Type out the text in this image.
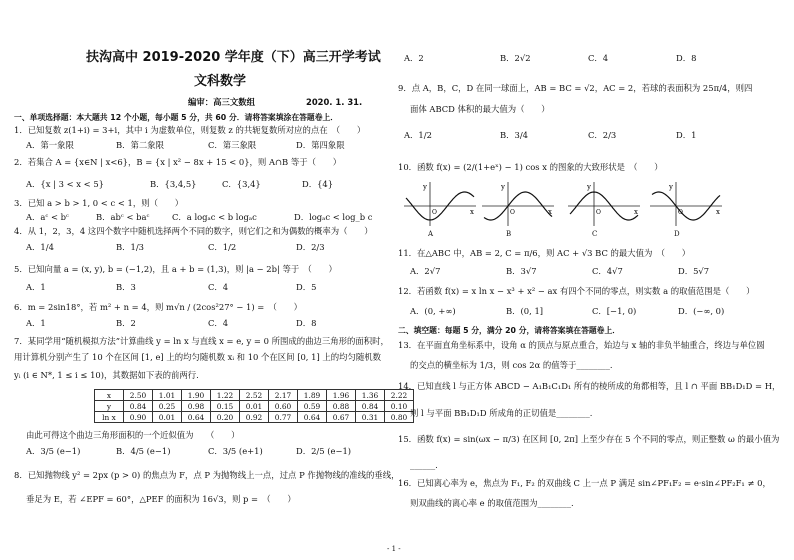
扶沟高中 2019-2020 学年度（下）高三开学考试
文科数学
编审：高三文数组	2020. 1. 31.
一、单项选择题：本大题共 12 个小题，每小题 5 分，共 60 分．请将答案填涂在答题卷上．
1．已知复数 z(1+i) = 3+i，其中 i 为虚数单位，则复数 z 的共轭复数所对应的点在　（　　）
A．第一象限	B．第二象限	C．第三象限	D．第四象限
2．若集合 A = {x∈N | x<6}，B = {x | x² − 8x + 15 < 0}，则 A∩B 等于（　　）
A．{x | 3 < x < 5}	B．{3,4,5}	C．{3,4}	D．{4}
3．已知 a > b > 1, 0 < c < 1，则（　　）
A．aᶜ < bᶜ	B．abᶜ < baᶜ	C．a logₐc < b logₐc	D．logₐc < log_b c
4．从 1，2，3，4 这四个数字中随机选择两个不同的数字，则它们之和为偶数的概率为（　　）
A．1/4	B．1/3	C．1/2	D．2/3
5．已知向量 a = (x, y), b = (−1,2)，且 a + b = (1,3)，则 |a − 2b| 等于　（　　）
A．1	B．3	C．4	D．5
6．m = 2sin18°，若 m² + n = 4，则 m√n / (2cos²27° − 1) =　（　　）
A．1	B．2	C．4	D．8
7．某同学用“随机模拟方法”计算曲线 y = ln x 与直线 x = e, y = 0 所围成的曲边三角形的面积时，
用计算机分别产生了 10 个在区间 [1, e] 上的均匀随机数 xᵢ 和 10 个在区间 [0, 1] 上的均匀随机数
yᵢ (i ∈ N*, 1 ≤ i ≤ 10)，其数据如下表的前两行.
x	2.50	1.01	1.90	1.22	2.52	2.17	1.89	1.96	1.36	2.22
y	0.84	0.25	0.98	0.15	0.01	0.60	0.59	0.88	0.84	0.10
ln x	0.90	0.01	0.64	0.20	0.92	0.77	0.64	0.67	0.31	0.80
由此可得这个曲边三角形面积的一个近似值为　　（　　）
A．3/5 (e−1)	B．4/5 (e−1)	C．3/5 (e+1)	D．2/5 (e−1)
8．已知抛物线 y² = 2px (p > 0) 的焦点为 F，点 P 为抛物线上一点，过点 P 作抛物线的准线的垂线，
垂足为 E，若 ∠EPF = 60°，△PEF 的面积为 16√3，则 p =　（　　）
A．2	B．2√2	C．4	D．8
9．点 A，B，C，D 在同一球面上，AB = BC = √2，AC = 2，若球的表面积为 25π/4，则四
面体 ABCD 体积的最大值为（　　）
A．1/2	B．3/4	C．2/3	D．1
10．函数 f(x) = (2/(1+eˣ) − 1) cos x 的图象的大致形状是　（　　）
y
x
O
A
y
x
O
B
y
x
O
C
y
x
O
D
11．在△ABC 中，AB = 2, C = π/6，则 AC + √3 BC 的最大值为　（　　）
A．2√7	B．3√7	C．4√7	D．5√7
12．若函数 f(x) = x ln x − x³ + x² − ax 有四个不同的零点，则实数 a 的取值范围是（　　）
A．(0, +∞)	B．(0, 1]	C．[−1, 0)	D．(−∞, 0)
二、填空题：每题 5 分，满分 20 分，请将答案填在答题卷上．
13．在平面直角坐标系中，设角 α 的顶点与原点重合，始边与 x 轴的非负半轴重合，终边与单位圆
的交点的横坐标为 1/3，则 cos 2α 的值等于________.
14．已知直线 l 与正方体 ABCD − A₁B₁C₁D₁ 所有的棱所成的角都相等，且 l ∩ 平面 BB₁D₁D = H，
则 l 与平面 BB₁D₁D 所成角的正切值是________.
15．函数 f(x) = sin(ωx − π/3) 在区间 [0, 2π] 上至少存在 5 个不同的零点，则正整数 ω 的最小值为
______.
16．已知离心率为 e，焦点为 F₁, F₂ 的双曲线 C 上一点 P 满足 sin∠PF₁F₂ = e·sin∠PF₂F₁ ≠ 0，
则双曲线的离心率 e 的取值范围为________.
- 1 -
